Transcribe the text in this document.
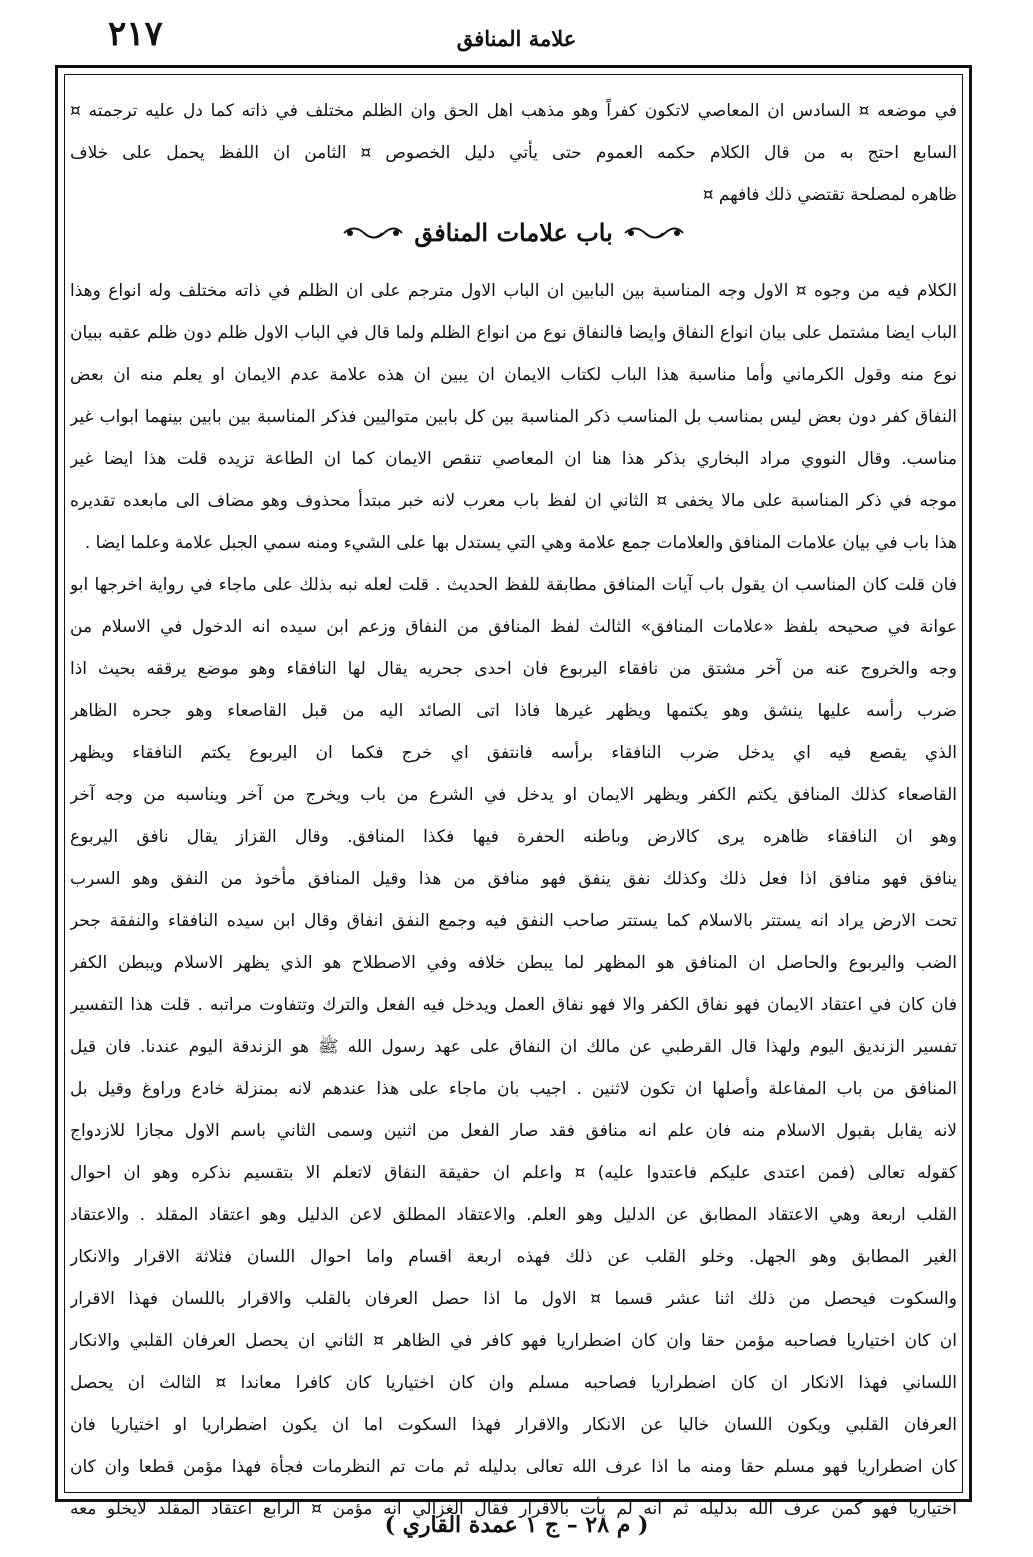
٢١٧	علامة المنافق
في موضعه ¤ السادس ان المعاصي لاتكون كفراً وهو مذهب اهل الحق وان الظلم مختلف في ذاته كما دل عليه ترجمته ¤
السابع احتج به من قال الكلام حكمه العموم حتى يأتي دليل الخصوص ¤ الثامن ان اللفظ يحمل على خلاف
ظاهره لمصلحة تقتضي ذلك فافهم ¤
باب علامات المنافق
الكلام فيه من وجوه ¤ الاول وجه المناسبة بين البابين ان الباب الاول مترجم على ان الظلم في ذاته مختلف وله انواع وهذا
الباب ايضا مشتمل على بيان انواع النفاق وايضا فالنفاق نوع من انواع الظلم ولما قال في الباب الاول ظلم دون ظلم عقبه ببيان
نوع منه وقول الكرماني وأما مناسبة هذا الباب لكتاب الايمان ان يبين ان هذه علامة عدم الايمان او يعلم منه ان بعض
النفاق كفر دون بعض ليس بمناسب بل المناسب ذكر المناسبة بين كل بابين متواليين فذكر المناسبة بين بابين بينهما ابواب غير
مناسب. وقال النووي مراد البخاري بذكر هذا هنا ان المعاصي تنقص الايمان كما ان الطاعة تزيده قلت هذا ايضا غير
موجه في ذكر المناسبة على مالا يخفى ¤ الثاني ان لفظ باب معرب لانه خبر مبتدأ محذوف وهو مضاف الى مابعده تقديره
هذا باب في بيان علامات المنافق والعلامات جمع علامة وهي التي يستدل بها على الشيء ومنه سمي الجبل علامة وعلما ايضا .
فان قلت كان المناسب ان يقول باب آيات المنافق مطابقة للفظ الحديث . قلت لعله نبه بذلك على ماجاء في رواية اخرجها ابو
عوانة في صحيحه بلفظ «علامات المنافق» الثالث لفظ المنافق من النفاق وزعم ابن سيده انه الدخول في الاسلام من
وجه والخروج عنه من آخر مشتق من نافقاء اليربوع فان احدى جحريه يقال لها النافقاء وهو موضع يرققه بحيث اذا
ضرب رأسه عليها ينشق وهو يكتمها ويظهر غيرها فاذا اتى الصائد اليه من قبل القاصعاء وهو جحره الظاهر
الذي يقصع فيه اي يدخل ضرب النافقاء برأسه فانتفق اي خرج فكما ان اليربوع يكتم النافقاء ويظهر
القاصعاء كذلك المنافق يكتم الكفر ويظهر الايمان او يدخل في الشرع من باب ويخرج من آخر ويناسبه من وجه آخر
وهو ان النافقاء ظاهره يرى كالارض وباطنه الحفرة فيها فكذا المنافق. وقال القزاز يقال نافق اليربوع
ينافق فهو منافق اذا فعل ذلك وكذلك نفق ينفق فهو منافق من هذا وقيل المنافق مأخوذ من النفق وهو السرب
تحت الارض يراد انه يستتر بالاسلام كما يستتر صاحب النفق فيه وجمع النفق انفاق وقال ابن سيده النافقاء والنفقة جحر
الضب واليربوع والحاصل ان المنافق هو المظهر لما يبطن خلافه وفي الاصطلاح هو الذي يظهر الاسلام ويبطن الكفر
فان كان في اعتقاد الايمان فهو نفاق الكفر والا فهو نفاق العمل ويدخل فيه الفعل والترك وتتفاوت مراتبه . قلت هذا التفسير
تفسير الزنديق اليوم ولهذا قال القرطبي عن مالك ان النفاق على عهد رسول الله ﷺ هو الزندقة اليوم عندنا. فان قيل
المنافق من باب المفاعلة وأصلها ان تكون لاثنين . اجيب بان ماجاء على هذا عندهم لانه بمنزلة خادع وراوغ وقيل بل
لانه يقابل بقبول الاسلام منه فان علم انه منافق فقد صار الفعل من اثنين وسمى الثاني باسم الاول مجازا للازدواج
كقوله تعالى (فمن اعتدى عليكم فاعتدوا عليه) ¤ واعلم ان حقيقة النفاق لاتعلم الا بتقسيم نذكره وهو ان احوال
القلب اربعة وهي الاعتقاد المطابق عن الدليل وهو العلم. والاعتقاد المطلق لاعن الدليل وهو اعتقاد المقلد . والاعتقاد
الغير المطابق وهو الجهل. وخلو القلب عن ذلك فهذه اربعة اقسام واما احوال اللسان فثلاثة الاقرار والانكار
والسكوت فيحصل من ذلك اثنا عشر قسما ¤ الاول ما اذا حصل العرفان بالقلب والاقرار باللسان فهذا الاقرار
ان كان اختياريا فصاحبه مؤمن حقا وان كان اضطراريا فهو كافر في الظاهر ¤ الثاني ان يحصل العرفان القلبي والانكار
اللساني فهذا الانكار ان كان اضطراريا فصاحبه مسلم وان كان اختياريا كان كافرا معاندا ¤ الثالث ان يحصل
العرفان القلبي ويكون اللسان خاليا عن الانكار والاقرار فهذا السكوت اما ان يكون اضطراريا او اختياريا فان
كان اضطراريا فهو مسلم حقا ومنه ما اذا عرف الله تعالى بدليله ثم مات تم النظرمات فجأة فهذا مؤمن قطعا وان كان
اختياريا فهو كمن عرف الله بدليله ثم انه لم يأت بالاقرار فقال الغزالي انه مؤمن ¤ الرابع اعتقاد المقلد لايخلو معه
( م ٢٨ – ج ١ عمدة القاري )
